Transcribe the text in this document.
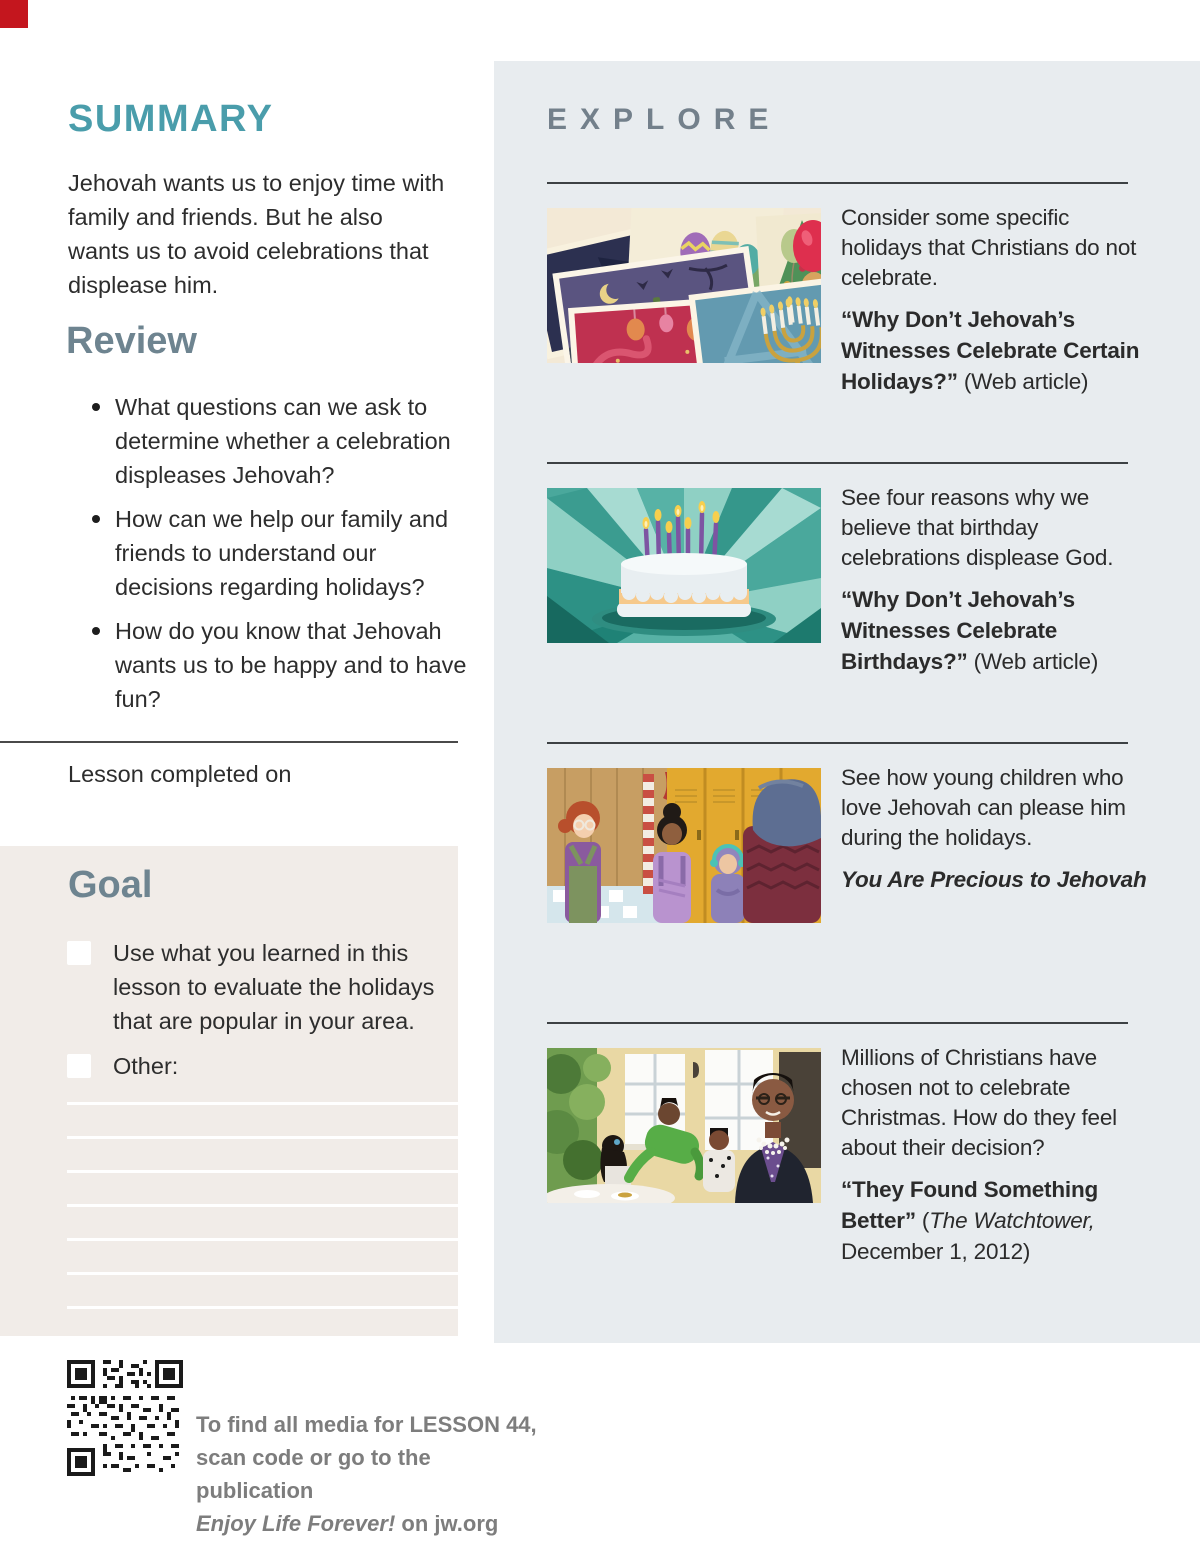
SUMMARY

Jehovah wants us to enjoy time with family and friends. But he also wants us to avoid celebrations that displease him.

Review
What questions can we ask to determine whether a celebration displeases Jehovah?
How can we help our family and friends to understand our decisions regarding holidays?
How do you know that Jehovah wants us to be happy and to have fun?
Lesson completed on
Goal
Use what you learned in this lesson to evaluate the holidays that are popular in your area.
Other:
To find all media for LESSON 44,
scan code or go to the publication
Enjoy Life Forever! on jw.org
EXPLORE

Consider some specific holidays that Christians do not celebrate.

“Why Don’t Jehovah’s Witnesses Celebrate Certain Holidays?” (Web article)

See four reasons why we believe that birthday celebrations displease God.

“Why Don’t Jehovah’s Witnesses Celebrate Birthdays?” (Web article)

See how young children who love Jehovah can please him during the holidays.

You Are Precious to Jehovah

Millions of Christians have chosen not to celebrate Christmas. How do they feel about their decision?

“They Found Something Better” (The Watchtower, December 1, 2012)
